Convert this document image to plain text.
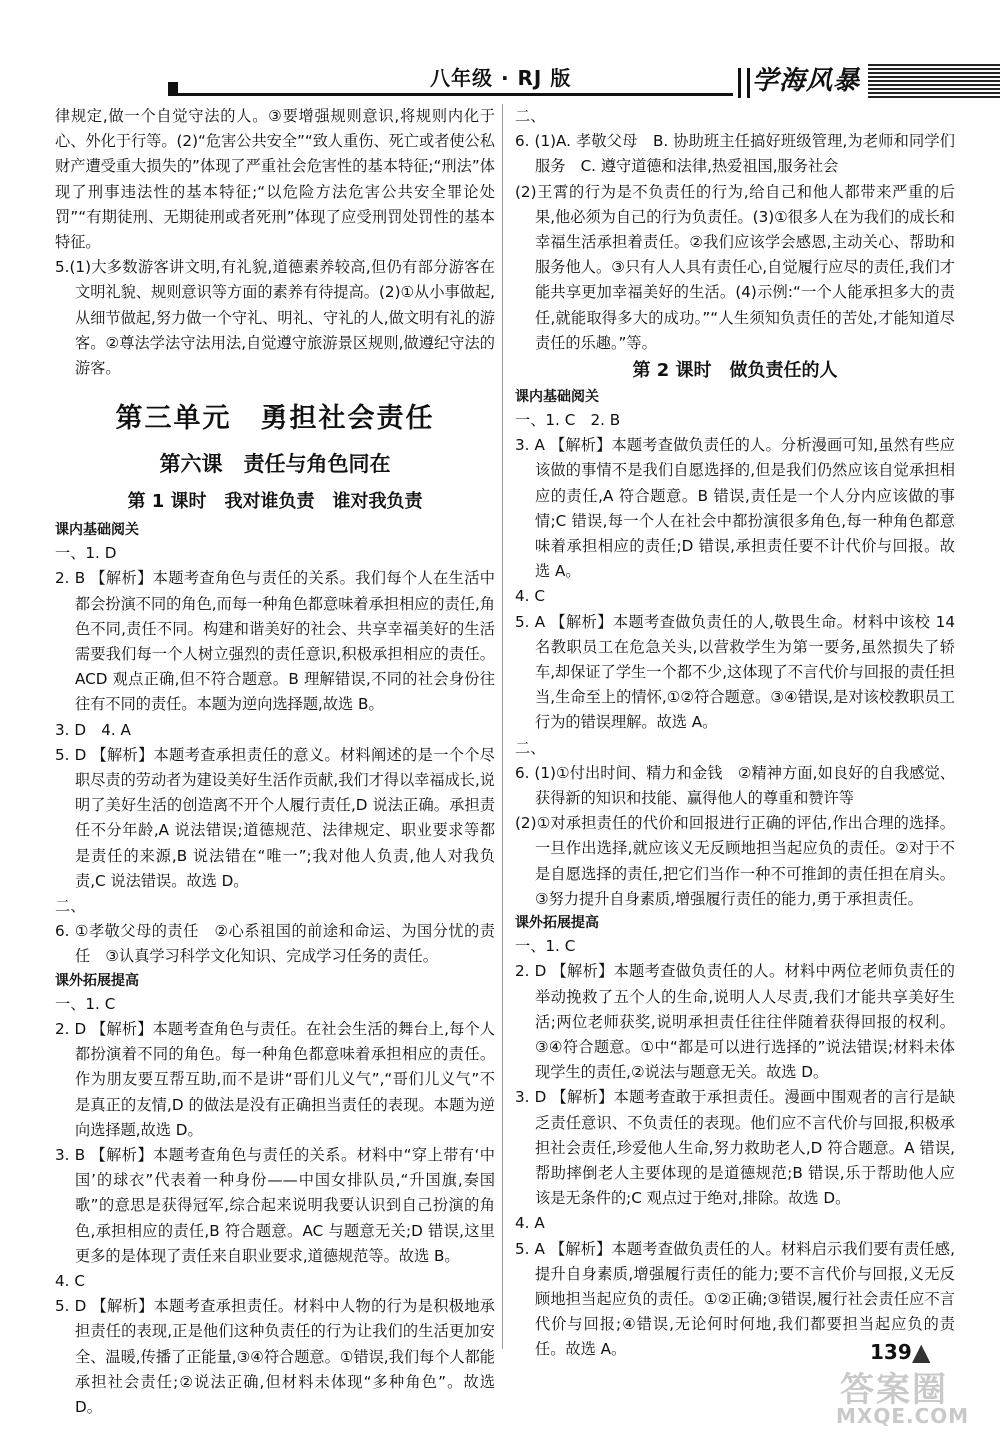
八年级 · RJ 版	学海风暴

律规定,做一个自觉守法的人。③要增强规则意识,将规则内化于心、外化于行等。(2)“危害公共安全”“致人重伤、死亡或者使公私财产遭受重大损失的”体现了严重社会危害性的基本特征;“刑法”体现了刑事违法性的基本特征;“以危险方法危害公共安全罪论处罚”“有期徒刑、无期徒刑或者死刑”体现了应受刑罚处罚性的基本特征。

5.(1)大多数游客讲文明,有礼貌,道德素养较高,但仍有部分游客在文明礼貌、规则意识等方面的素养有待提高。(2)①从小事做起,从细节做起,努力做一个守礼、明礼、守礼的人,做文明有礼的游客。②尊法学法守法用法,自觉遵守旅游景区规则,做遵纪守法的游客。

第三单元　勇担社会责任
第六课　责任与角色同在
第 1 课时　我对谁负责　谁对我负责

课内基础阅关

一、1. D

2. B 【解析】本题考查角色与责任的关系。我们每个人在生活中都会扮演不同的角色,而每一种角色都意味着承担相应的责任,角色不同,责任不同。构建和谐美好的社会、共享幸福美好的生活需要我们每一个人树立强烈的责任意识,积极承担相应的责任。ACD 观点正确,但不符合题意。B 理解错误,不同的社会身份往往有不同的责任。本题为逆向选择题,故选 B。

3. D　4. A

5. D 【解析】本题考查承担责任的意义。材料阐述的是一个个尽职尽责的劳动者为建设美好生活作贡献,我们才得以幸福成长,说明了美好生活的创造离不开个人履行责任,D 说法正确。承担责任不分年龄,A 说法错误;道德规范、法律规定、职业要求等都是责任的来源,B 说法错在“唯一”;我对他人负责,他人对我负责,C 说法错误。故选 D。

二、

6. ①孝敬父母的责任　②心系祖国的前途和命运、为国分忧的责任　③认真学习科学文化知识、完成学习任务的责任。

课外拓展提高

一、1. C

2. D 【解析】本题考查角色与责任。在社会生活的舞台上,每个人都扮演着不同的角色。每一种角色都意味着承担相应的责任。作为朋友要互帮互助,而不是讲“哥们儿义气”,“哥们儿义气”不是真正的友情,D 的做法是没有正确担当责任的表现。本题为逆向选择题,故选 D。

3. B 【解析】本题考查角色与责任的关系。材料中“穿上带有‘中国’的球衣”代表着一种身份——中国女排队员,“升国旗,奏国歌”的意思是获得冠军,综合起来说明我要认识到自己扮演的角色,承担相应的责任,B 符合题意。AC 与题意无关;D 错误,这里更多的是体现了责任来自职业要求,道德规范等。故选 B。

4. C

5. D 【解析】本题考查承担责任。材料中人物的行为是积极地承担责任的表现,正是他们这种负责任的行为让我们的生活更加安全、温暖,传播了正能量,③④符合题意。①错误,我们每个人都能承担社会责任;②说法正确,但材料未体现“多种角色”。故选 D。

二、

6. (1)A. 孝敬父母　B. 协助班主任搞好班级管理,为老师和同学们服务　C. 遵守道德和法律,热爱祖国,服务社会

(2)王霄的行为是不负责任的行为,给自己和他人都带来严重的后果,他必须为自己的行为负责任。(3)①很多人在为我们的成长和幸福生活承担着责任。②我们应该学会感恩,主动关心、帮助和服务他人。③只有人人具有责任心,自觉履行应尽的责任,我们才能共享更加幸福美好的生活。(4)示例:“一个人能承担多大的责任,就能取得多大的成功。”“人生须知负责任的苦处,才能知道尽责任的乐趣。”等。

第 2 课时　做负责任的人

课内基础阅关

一、1. C　2. B

3. A 【解析】本题考查做负责任的人。分析漫画可知,虽然有些应该做的事情不是我们自愿选择的,但是我们仍然应该自觉承担相应的责任,A 符合题意。B 错误,责任是一个人分内应该做的事情;C 错误,每一个人在社会中都扮演很多角色,每一种角色都意味着承担相应的责任;D 错误,承担责任要不计代价与回报。故选 A。

4. C

5. A 【解析】本题考查做负责任的人,敬畏生命。材料中该校 14 名教职员工在危急关头,以营救学生为第一要务,虽然损失了轿车,却保证了学生一个都不少,这体现了不言代价与回报的责任担当,生命至上的情怀,①②符合题意。③④错误,是对该校教职员工行为的错误理解。故选 A。

二、

6. (1)①付出时间、精力和金钱　②精神方面,如良好的自我感觉、获得新的知识和技能、赢得他人的尊重和赞许等

(2)①对承担责任的代价和回报进行正确的评估,作出合理的选择。一旦作出选择,就应该义无反顾地担当起应负的责任。②对于不是自愿选择的责任,把它们当作一种不可推卸的责任担在肩头。③努力提升自身素质,增强履行责任的能力,勇于承担责任。

课外拓展提高

一、1. C

2. D 【解析】本题考查做负责任的人。材料中两位老师负责任的举动挽救了五个人的生命,说明人人尽责,我们才能共享美好生活;两位老师获奖,说明承担责任往往伴随着获得回报的权利。③④符合题意。①中“都是可以进行选择的”说法错误;材料未体现学生的责任,②说法与题意无关。故选 D。

3. D 【解析】本题考查敢于承担责任。漫画中围观者的言行是缺乏责任意识、不负责任的表现。他们应不言代价与回报,积极承担社会责任,珍爱他人生命,努力救助老人,D 符合题意。A 错误,帮助摔倒老人主要体现的是道德规范;B 错误,乐于帮助他人应该是无条件的;C 观点过于绝对,排除。故选 D。

4. A

5. A 【解析】本题考查做负责任的人。材料启示我们要有责任感,提升自身素质,增强履行责任的能力;要不言代价与回报,义无反顾地担当起应负的责任。①②正确;③错误,履行社会责任应不言代价与回报;④错误,无论何时何地,我们都要担当起应负的责任。故选 A。	139 ▲
答案圈
MXQE.COM
